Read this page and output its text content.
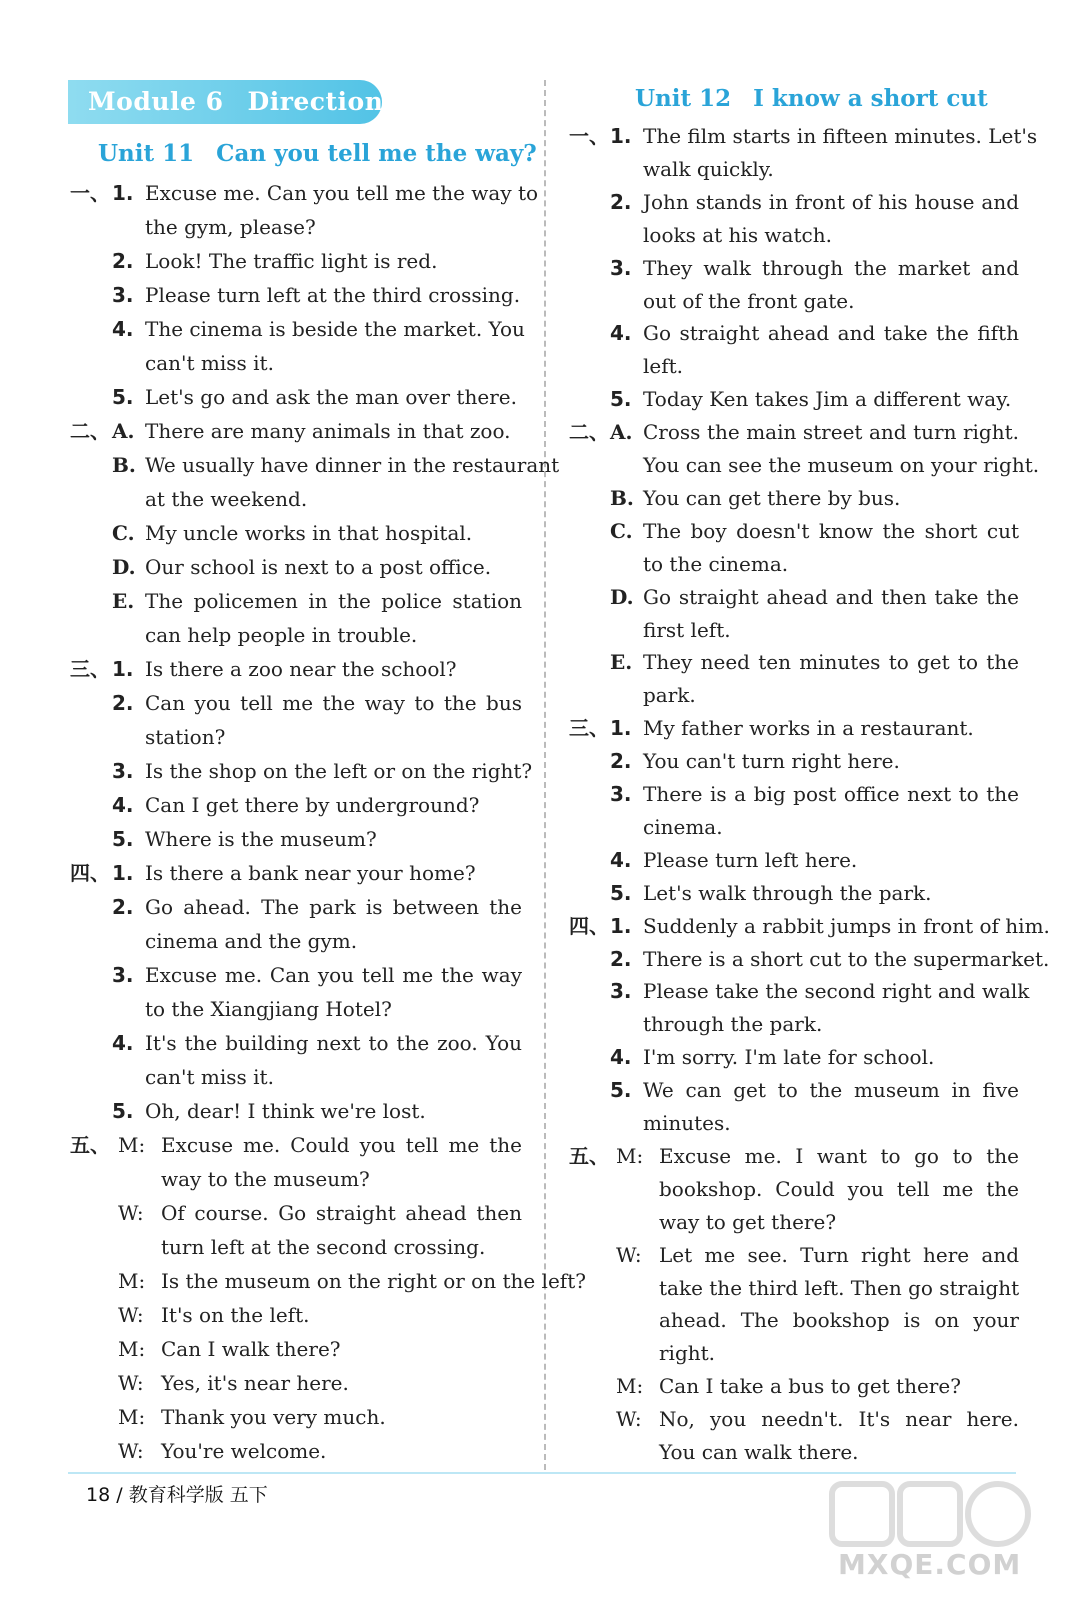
Module 6 Directions
Unit 11 Can you tell me the way?
Unit 12 I know a short cut
一、 1. Excuse me. Can you tell me the way to
the gym, please?
2. Look! The traffic light is red.
3. Please turn left at the third crossing.
4. The cinema is beside the market. You
can't miss it.
5. Let's go and ask the man over there.
二、 A. There are many animals in that zoo.
B. We usually have dinner in the restaurant
at the weekend.
C. My uncle works in that hospital.
D. Our school is next to a post office.
E. The policemen in the police station
can help people in trouble.
三、 1. Is there a zoo near the school?
2. Can you tell me the way to the bus
station?
3. Is the shop on the left or on the right?
4. Can I get there by underground?
5. Where is the museum?
四、 1. Is there a bank near your home?
2. Go ahead. The park is between the
cinema and the gym.
3. Excuse me. Can you tell me the way
to the Xiangjiang Hotel?
4. It's the building next to the zoo. You
can't miss it.
5. Oh, dear! I think we're lost.
五、 M: Excuse me. Could you tell me the
way to the museum?
W: Of course. Go straight ahead then
turn left at the second crossing.
M: Is the museum on the right or on the left?
W: It's on the left.
M: Can I walk there?
W: Yes, it's near here.
M: Thank you very much.
W: You're welcome.
一、 1. The film starts in fifteen minutes. Let's
walk quickly.
2. John stands in front of his house and
looks at his watch.
3. They walk through the market and
out of the front gate.
4. Go straight ahead and take the fifth
left.
5. Today Ken takes Jim a different way.
二、 A. Cross the main street and turn right.
You can see the museum on your right.
B. You can get there by bus.
C. The boy doesn't know the short cut
to the cinema.
D. Go straight ahead and then take the
first left.
E. They need ten minutes to get to the
park.
三、 1. My father works in a restaurant.
2. You can't turn right here.
3. There is a big post office next to the
cinema.
4. Please turn left here.
5. Let's walk through the park.
四、 1. Suddenly a rabbit jumps in front of him.
2. There is a short cut to the supermarket.
3. Please take the second right and walk
through the park.
4. I'm sorry. I'm late for school.
5. We can get to the museum in five
minutes.
五、 M: Excuse me. I want to go to the
bookshop. Could you tell me the
way to get there?
W: Let me see. Turn right here and
take the third left. Then go straight
ahead. The bookshop is on your
right.
M: Can I take a bus to get there?
W: No, you needn't. It's near here.
You can walk there.
18 / 教育科学版 五下
MXQE.COM
